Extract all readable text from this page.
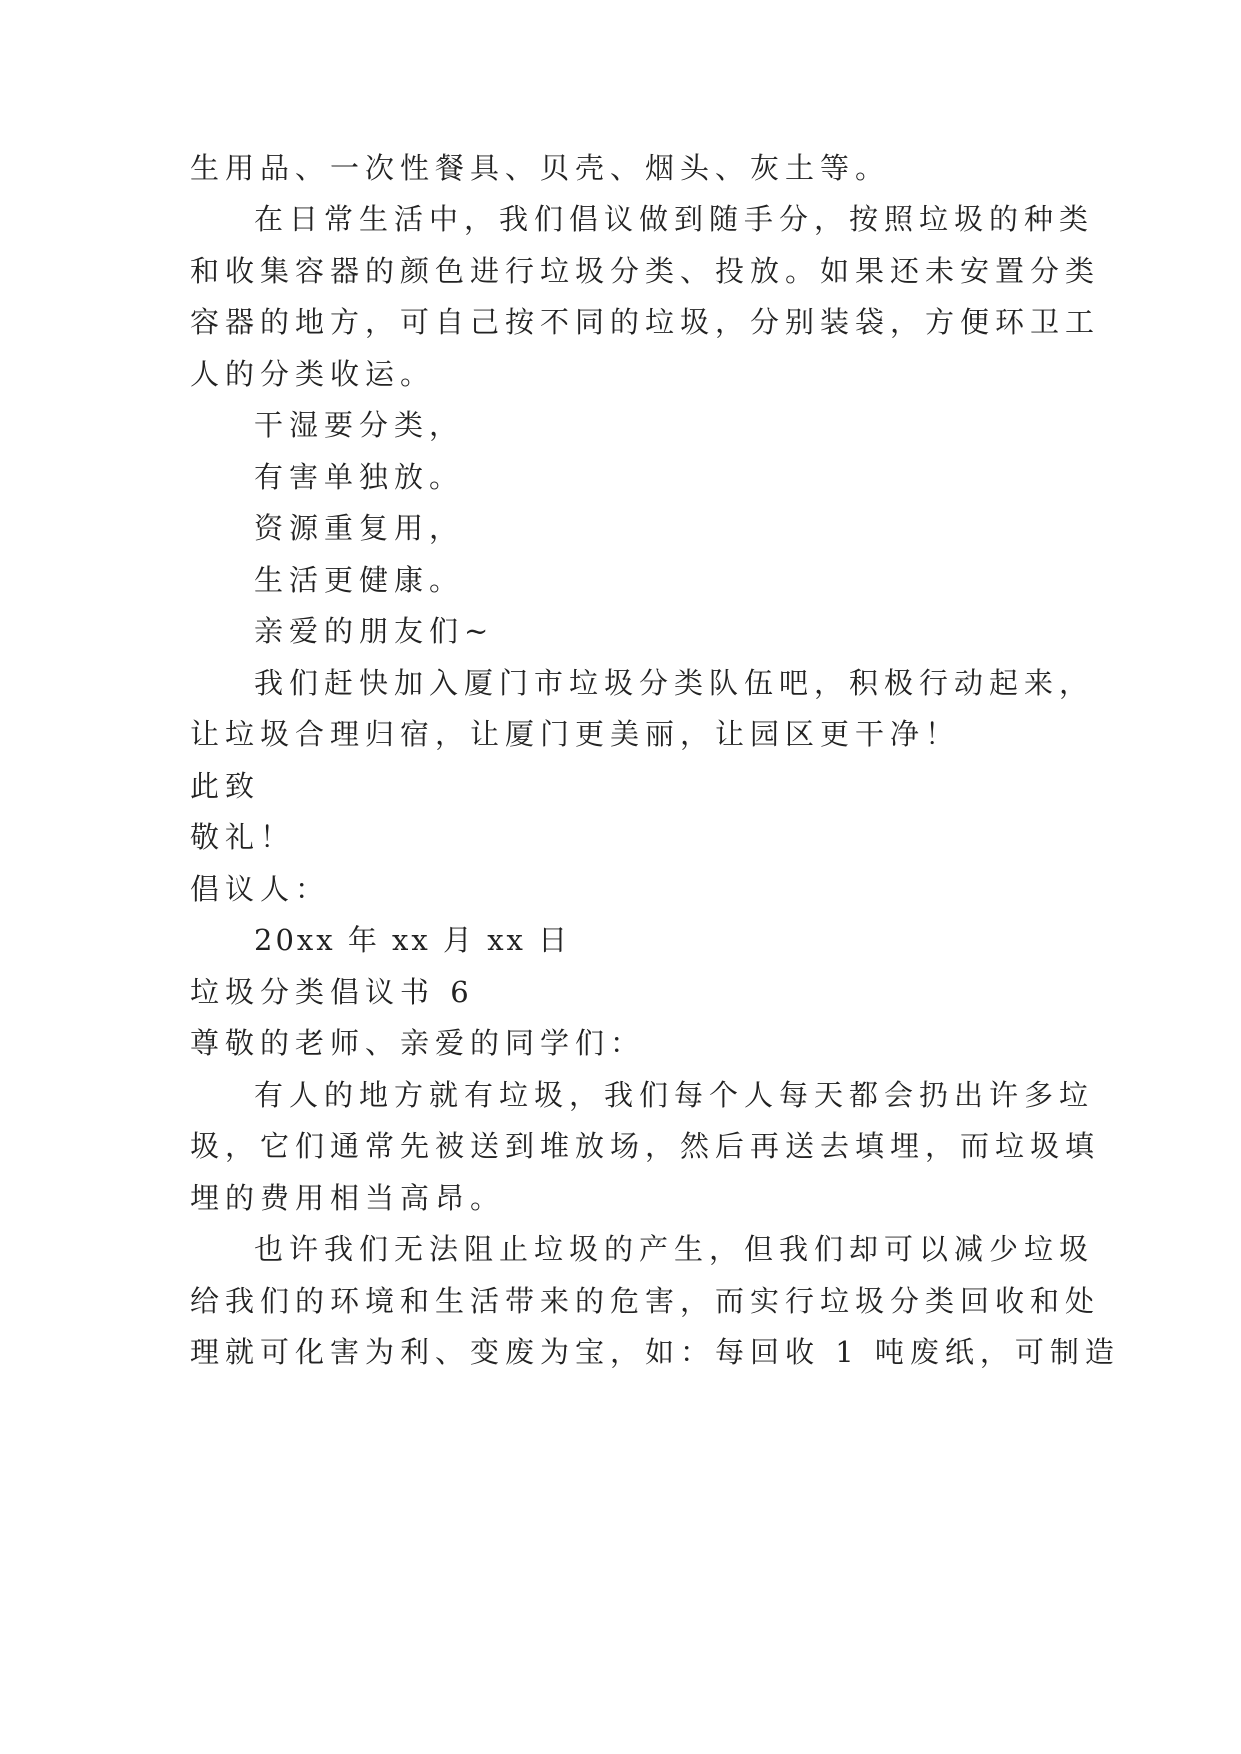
生用品、一次性餐具、贝壳、烟头、灰土等。
在日常生活中，我们倡议做到随手分，按照垃圾的种类
和收集容器的颜色进行垃圾分类、投放。如果还未安置分类
容器的地方，可自己按不同的垃圾，分别装袋，方便环卫工
人的分类收运。
干湿要分类，
有害单独放。
资源重复用，
生活更健康。
亲爱的朋友们~
我们赶快加入厦门市垃圾分类队伍吧，积极行动起来，
让垃圾合理归宿，让厦门更美丽，让园区更干净！
此致
敬礼！
倡议人：
20xx 年 xx 月 xx 日
垃圾分类倡议书 6
尊敬的老师、亲爱的同学们：
有人的地方就有垃圾，我们每个人每天都会扔出许多垃
圾，它们通常先被送到堆放场，然后再送去填埋，而垃圾填
埋的费用相当高昂。
也许我们无法阻止垃圾的产生，但我们却可以减少垃圾
给我们的环境和生活带来的危害，而实行垃圾分类回收和处
理就可化害为利、变废为宝，如：每回收 1 吨废纸，可制造
